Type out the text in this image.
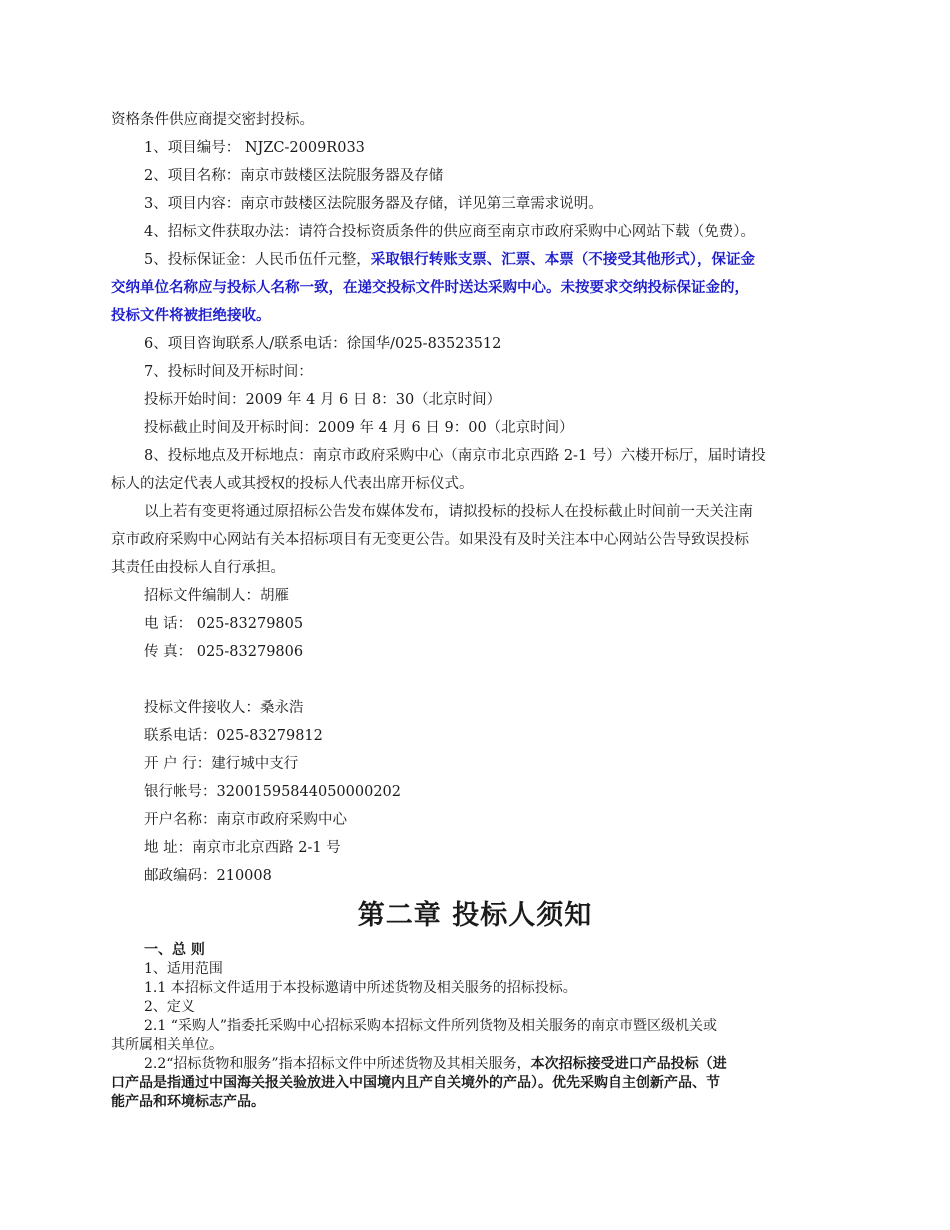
资格条件供应商提交密封投标。
1、项目编号： NJZC-2009R033
2、项目名称：南京市鼓楼区法院服务器及存储
3、项目内容：南京市鼓楼区法院服务器及存储，详见第三章需求说明。
4、招标文件获取办法：请符合投标资质条件的供应商至南京市政府采购中心网站下载（免费）。
5、投标保证金：人民币伍仟元整，采取银行转账支票、汇票、本票（不接受其他形式），保证金
交纳单位名称应与投标人名称一致，在递交投标文件时送达采购中心。未按要求交纳投标保证金的，
投标文件将被拒绝接收。
6、项目咨询联系人/联系电话：徐国华/025-83523512
7、投标时间及开标时间：
投标开始时间：2009 年 4 月 6 日 8：30（北京时间）
投标截止时间及开标时间：2009 年 4 月 6 日 9：00（北京时间）
8、投标地点及开标地点：南京市政府采购中心（南京市北京西路 2-1 号）六楼开标厅，届时请投
标人的法定代表人或其授权的投标人代表出席开标仪式。
以上若有变更将通过原招标公告发布媒体发布，请拟投标的投标人在投标截止时间前一天关注南
京市政府采购中心网站有关本招标项目有无变更公告。如果没有及时关注本中心网站公告导致误投标
其责任由投标人自行承担。
招标文件编制人：胡雁
电 话： 025-83279805
传 真： 025-83279806
投标文件接收人：桑永浩
联系电话：025-83279812
开 户 行：建行城中支行
银行帐号：32001595844050000202
开户名称：南京市政府采购中心
地 址：南京市北京西路 2-1 号
邮政编码：210008
第二章 投标人须知
一、总 则
1、适用范围
1.1 本招标文件适用于本投标邀请中所述货物及相关服务的招标投标。
2、定义
2.1 “采购人”指委托采购中心招标采购本招标文件所列货物及相关服务的南京市暨区级机关或
其所属相关单位。
2.2“招标货物和服务”指本招标文件中所述货物及其相关服务，本次招标接受进口产品投标（进
口产品是指通过中国海关报关验放进入中国境内且产自关境外的产品）。优先采购自主创新产品、节
能产品和环境标志产品。
